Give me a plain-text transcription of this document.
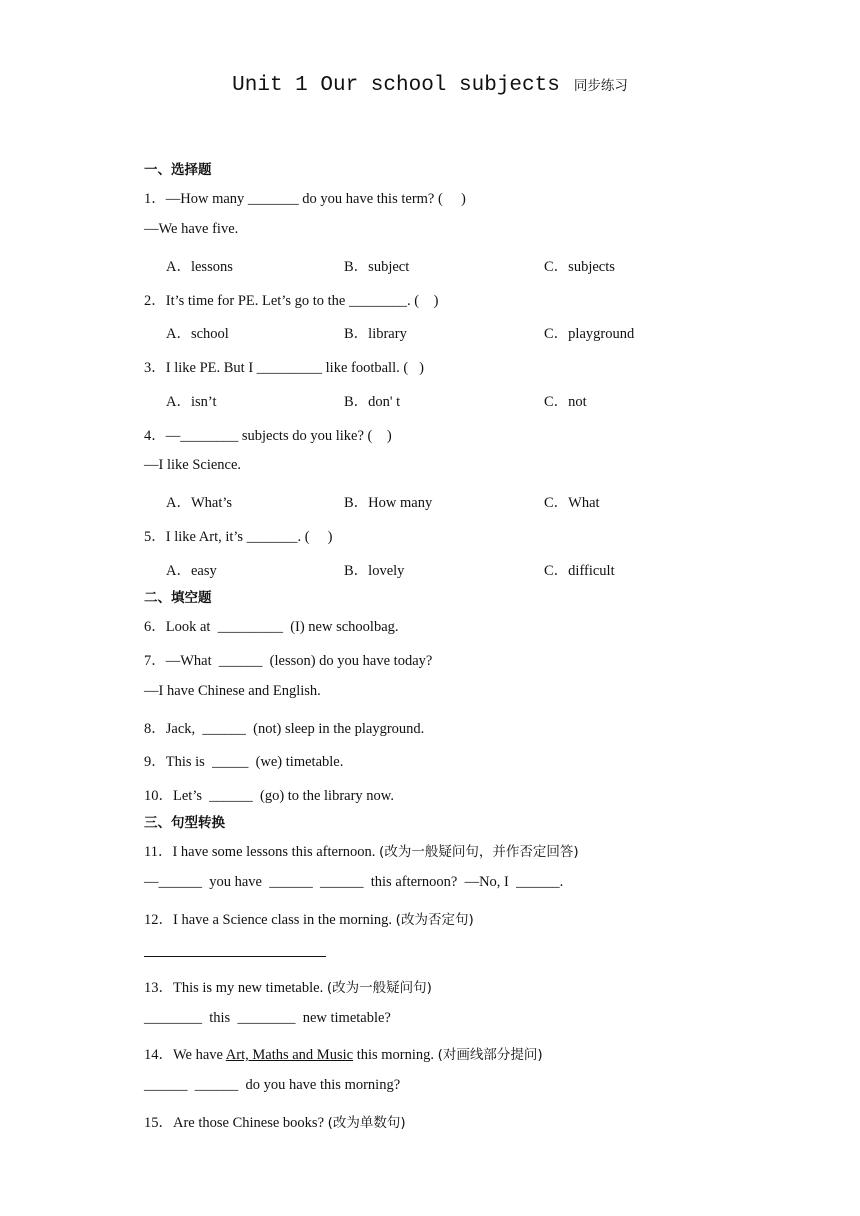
Unit 1 Our school subjects 同步练习
一、选择题
1．—How many _______ do you have this term? (     )
—We have five.
A．lessons	B．subject	C．subjects
2．It’s time for PE. Let’s go to the ________. (    )
A．school	B．library	C．playground
3．I like PE. But I _________ like football. (   )
A．isn’t	B．don' t	C．not
4．—________ subjects do you like? (    )
—I like Science.
A．What’s	B．How many	C．What
5．I like Art, it’s _______. (     )
A．easy	B．lovely	C．difficult
二、填空题
6．Look at  _________  (I) new schoolbag.
7．—What  ______  (lesson) do you have today?
—I have Chinese and English.
8．Jack,  ______  (not) sleep in the playground.
9．This is  _____  (we) timetable.
10．Let’s  ______  (go) to the library now.
三、句型转换
11．I have some lessons this afternoon. (改为一般疑问句，并作否定回答)
—______  you have  ______  ______  this afternoon?  —No, I  ______.
12．I have a Science class in the morning. (改为否定句)
13．This is my new timetable. (改为一般疑问句)
________  this  ________  new timetable?
14．We have Art, Maths and Music this morning. (对画线部分提问)
______  ______  do you have this morning?
15．Are those Chinese books? (改为单数句)
